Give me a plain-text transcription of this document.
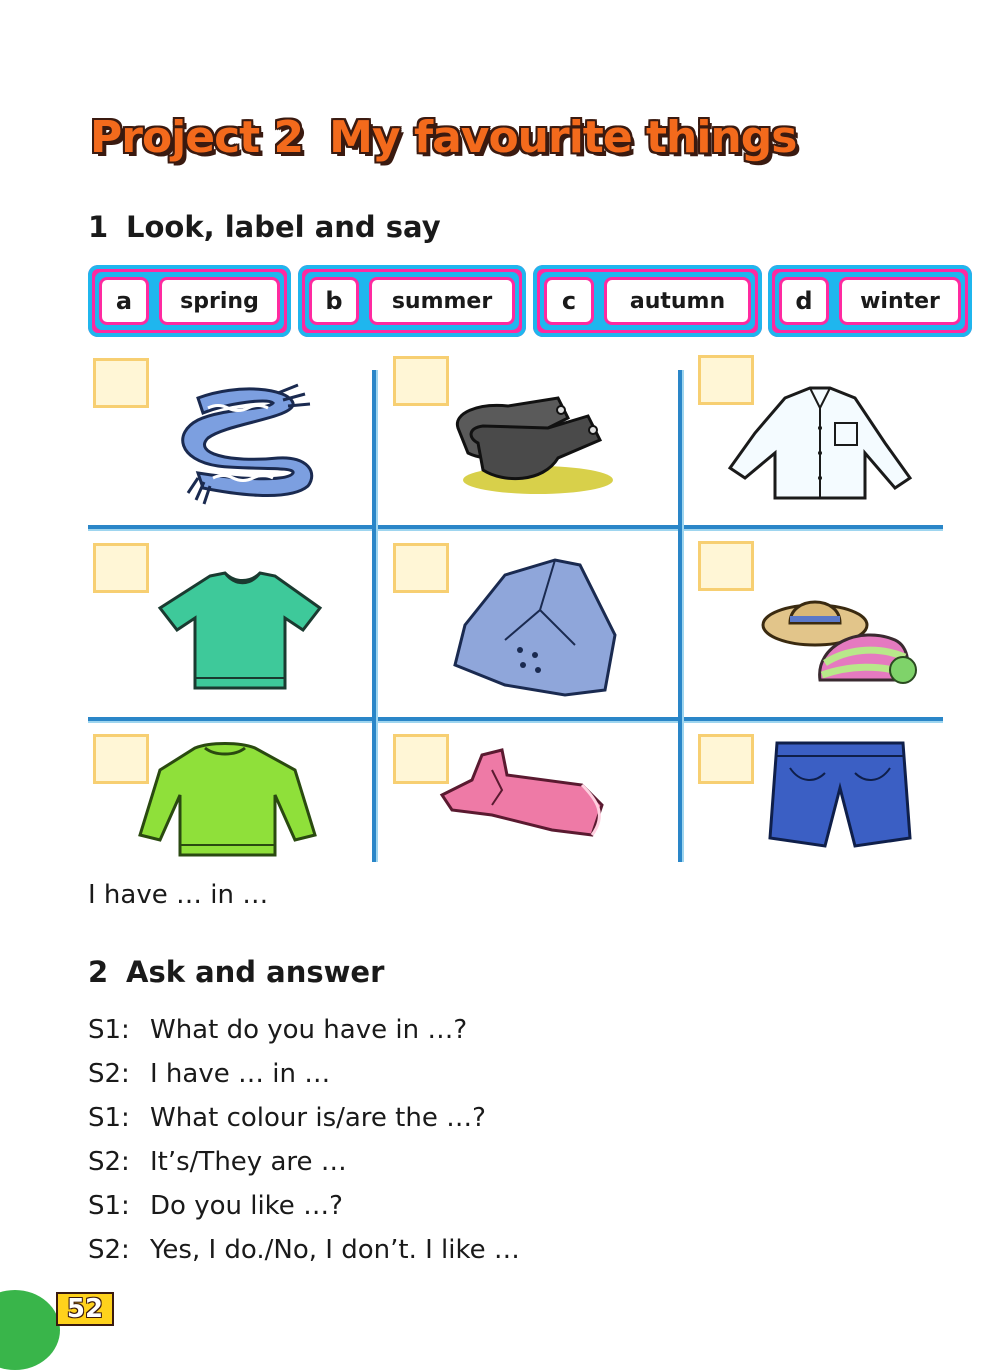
Project 2 My favourite things
1 Look, label and say
a	spring	b	summer	c	autumn	d	winter
I have … in …
2 Ask and answer
S1: What do you have in …?
S2: I have … in …
S1: What colour is/are the …?
S2: It’s/They are …
S1: Do you like …?
S2: Yes, I do./No, I don’t. I like …
52
